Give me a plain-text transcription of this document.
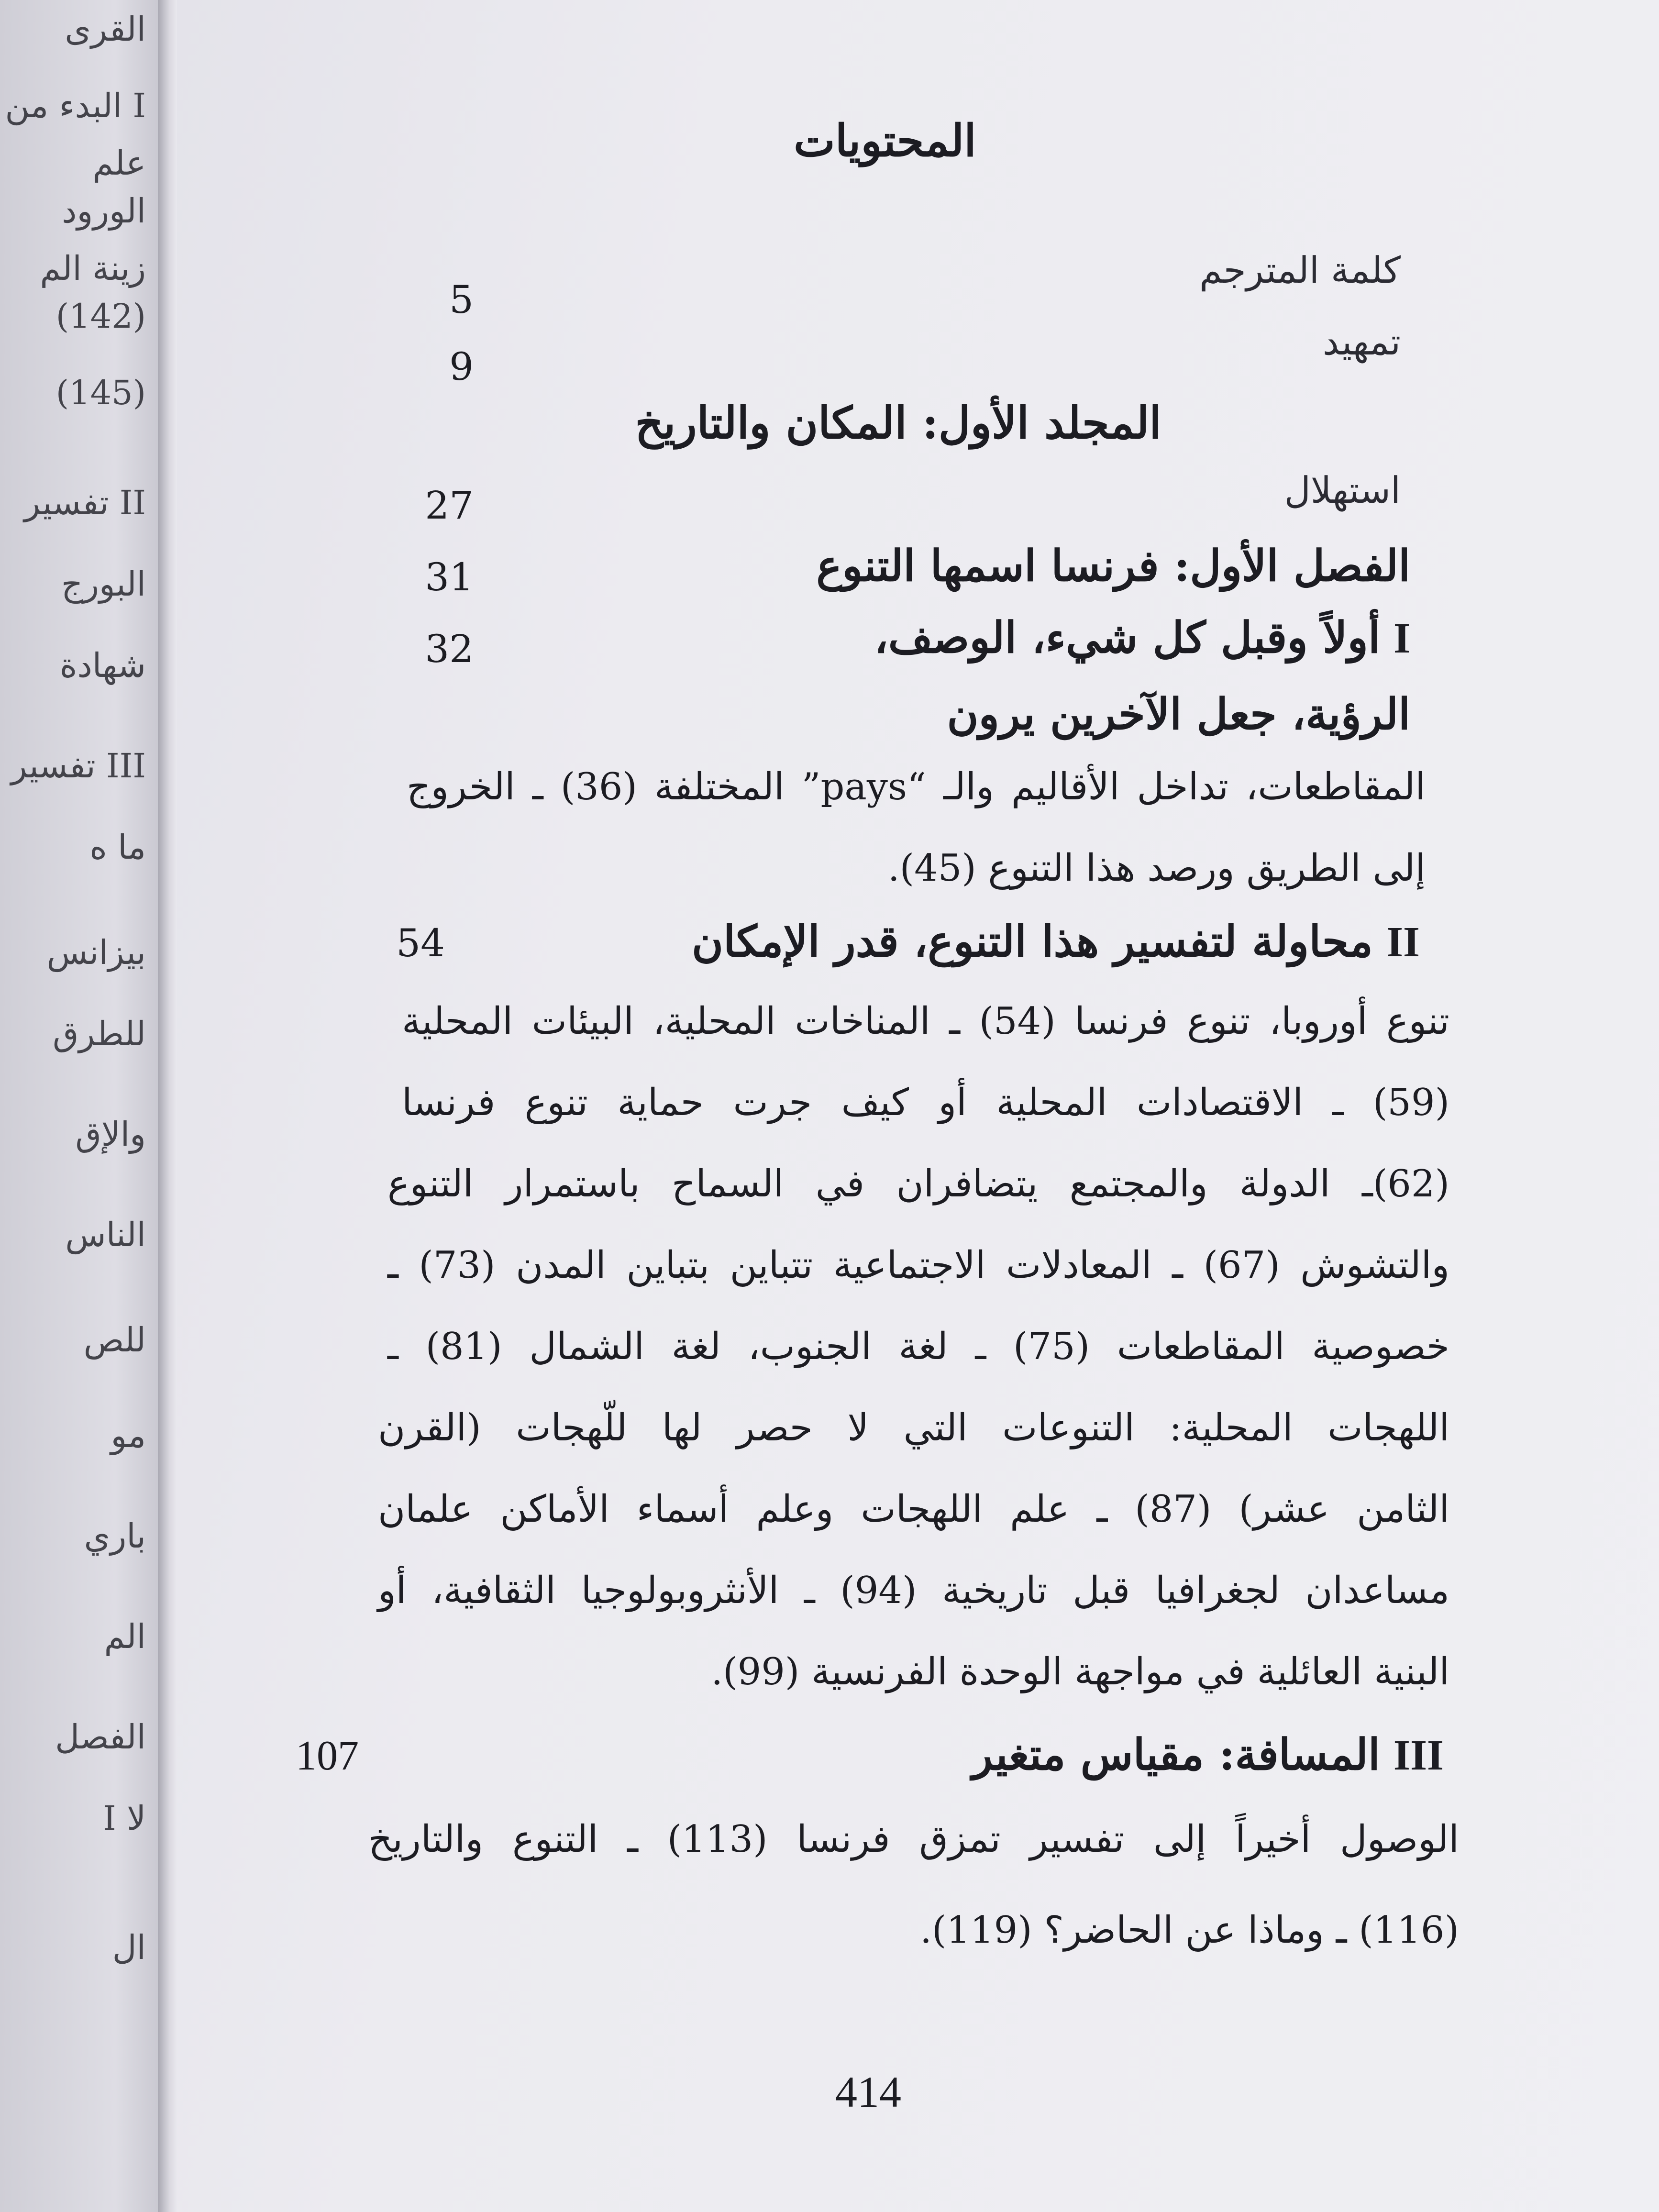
القرى
I البدء من
علم
الورود
زينة الم
(142)
(145)
II تفسير
البورج
شهادة
III تفسير
ما ه
بيزانس
للطرق
والإق
الناس
للص
مو
باري
الم
الفصل
لا I
ال
المحتويات
كلمة المترجم
5
تمهيد
9
المجلد الأول: المكان والتاريخ
استهلال
27
الفصل الأول: فرنسا اسمها التنوع
31
Iأولاً وقبل كل شيء، الوصف،
32
الرؤية، جعل الآخرين يرون
المقاطعات، تداخل الأقاليم والـ “pays” المختلفة (36) ـ الخروج
إلى الطريق ورصد هذا التنوع (45).
IIمحاولة لتفسير هذا التنوع، قدر الإمكان
54
تنوع أوروبا، تنوع فرنسا (54) ـ المناخات المحلية، البيئات المحلية
(59) ـ الاقتصادات المحلية أو كيف جرت حماية تنوع فرنسا
(62)ـ الدولة والمجتمع يتضافران في السماح باستمرار التنوع
والتشوش (67) ـ المعادلات الاجتماعية تتباين بتباين المدن (73) ـ
خصوصية المقاطعات (75) ـ لغة الجنوب، لغة الشمال (81) ـ
اللهجات المحلية: التنوعات التي لا حصر لها للّهجات (القرن
الثامن عشر) (87) ـ علم اللهجات وعلم أسماء الأماكن علمان
مساعدان لجغرافيا قبل تاريخية (94) ـ الأنثروبولوجيا الثقافية، أو
البنية العائلية في مواجهة الوحدة الفرنسية (99).
IIIالمسافة: مقياس متغير
107
الوصول أخيراً إلى تفسير تمزق فرنسا (113) ـ التنوع والتاريخ
(116) ـ وماذا عن الحاضر؟ (119).
414
